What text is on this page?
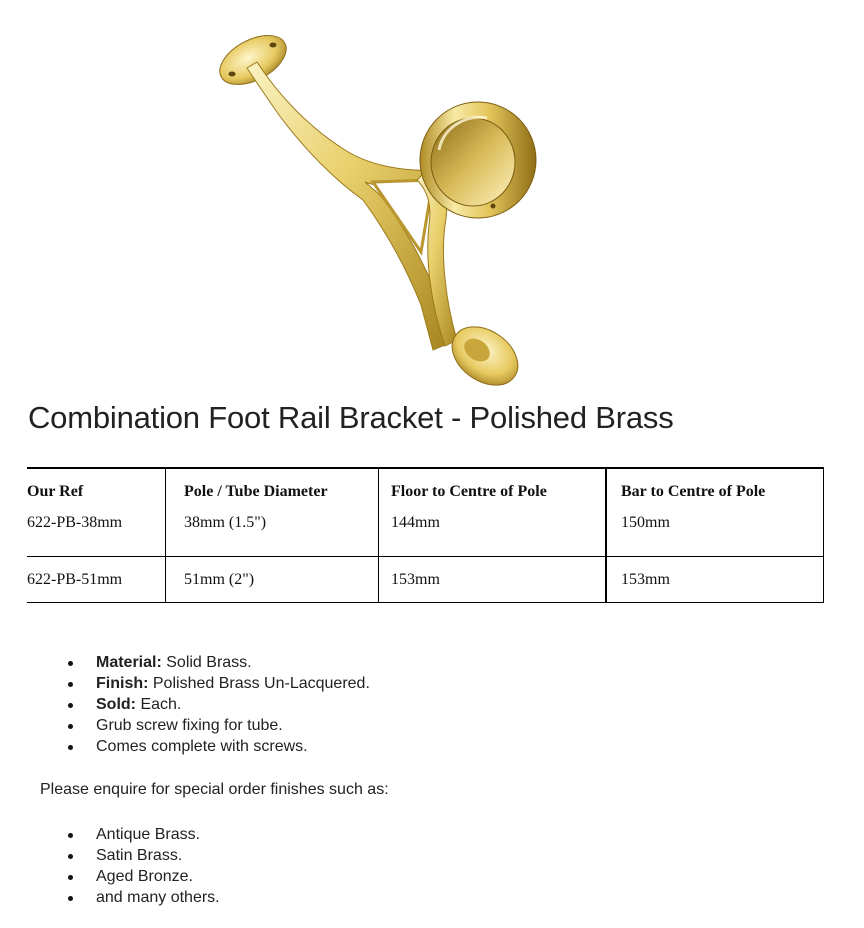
Combination Foot Rail Bracket - Polished Brass
Our Ref	Pole / Tube Diameter	Floor to Centre of Pole	Bar to Centre of Pole
622-PB-38mm	38mm (1.5")	144mm	150mm
622-PB-51mm	51mm (2")	153mm	153mm
Material: Solid Brass.
Finish: Polished Brass Un-Lacquered.
Sold: Each.
Grub screw fixing for tube.
Comes complete with screws.

Please enquire for special order finishes such as:

Antique Brass.
Satin Brass.
Aged Bronze.
and many others.
